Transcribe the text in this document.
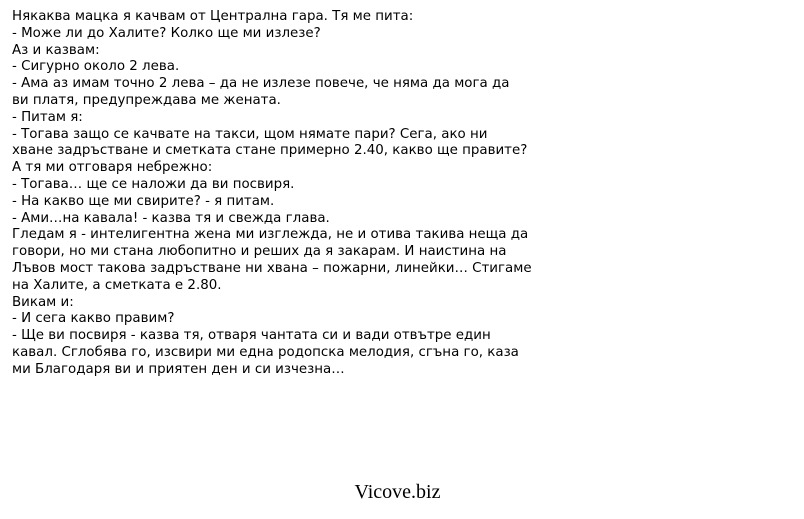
Някаква мацка я качвам от Централна гара. Тя ме пита:
- Може ли до Халите? Колко ще ми излезе?
Аз и казвам:
- Сигурно около 2 лева.
- Ама аз имам точно 2 лева – да не излезе повече, че няма да мога да
ви платя, предупреждава ме жената.
- Питам я:
- Тогава защо се качвате на такси, щом нямате пари? Сега, ако ни
хване задръстване и сметката стане примерно 2.40, какво ще правите?
А тя ми отговаря небрежно:
- Тогава… ще се наложи да ви посвиря.
- На какво ще ми свирите? - я питам.
- Ами…на кавала! - казва тя и свежда глава.
Гледам я - интелигентна жена ми изглежда, не и отива такива неща да
говори, но ми стана любопитно и реших да я закарам. И наистина на
Лъвов мост такова задръстване ни хвана – пожарни, линейки… Стигаме
на Халите, а сметката е 2.80.
Викам и:
- И сега какво правим?
- Ще ви посвиря - казва тя, отваря чантата си и вади отвътре един
кавал. Сглобява го, изсвири ми една родопска мелодия, сгъна го, каза
ми Благодаря ви и приятен ден и си изчезна…
Vicove.biz
